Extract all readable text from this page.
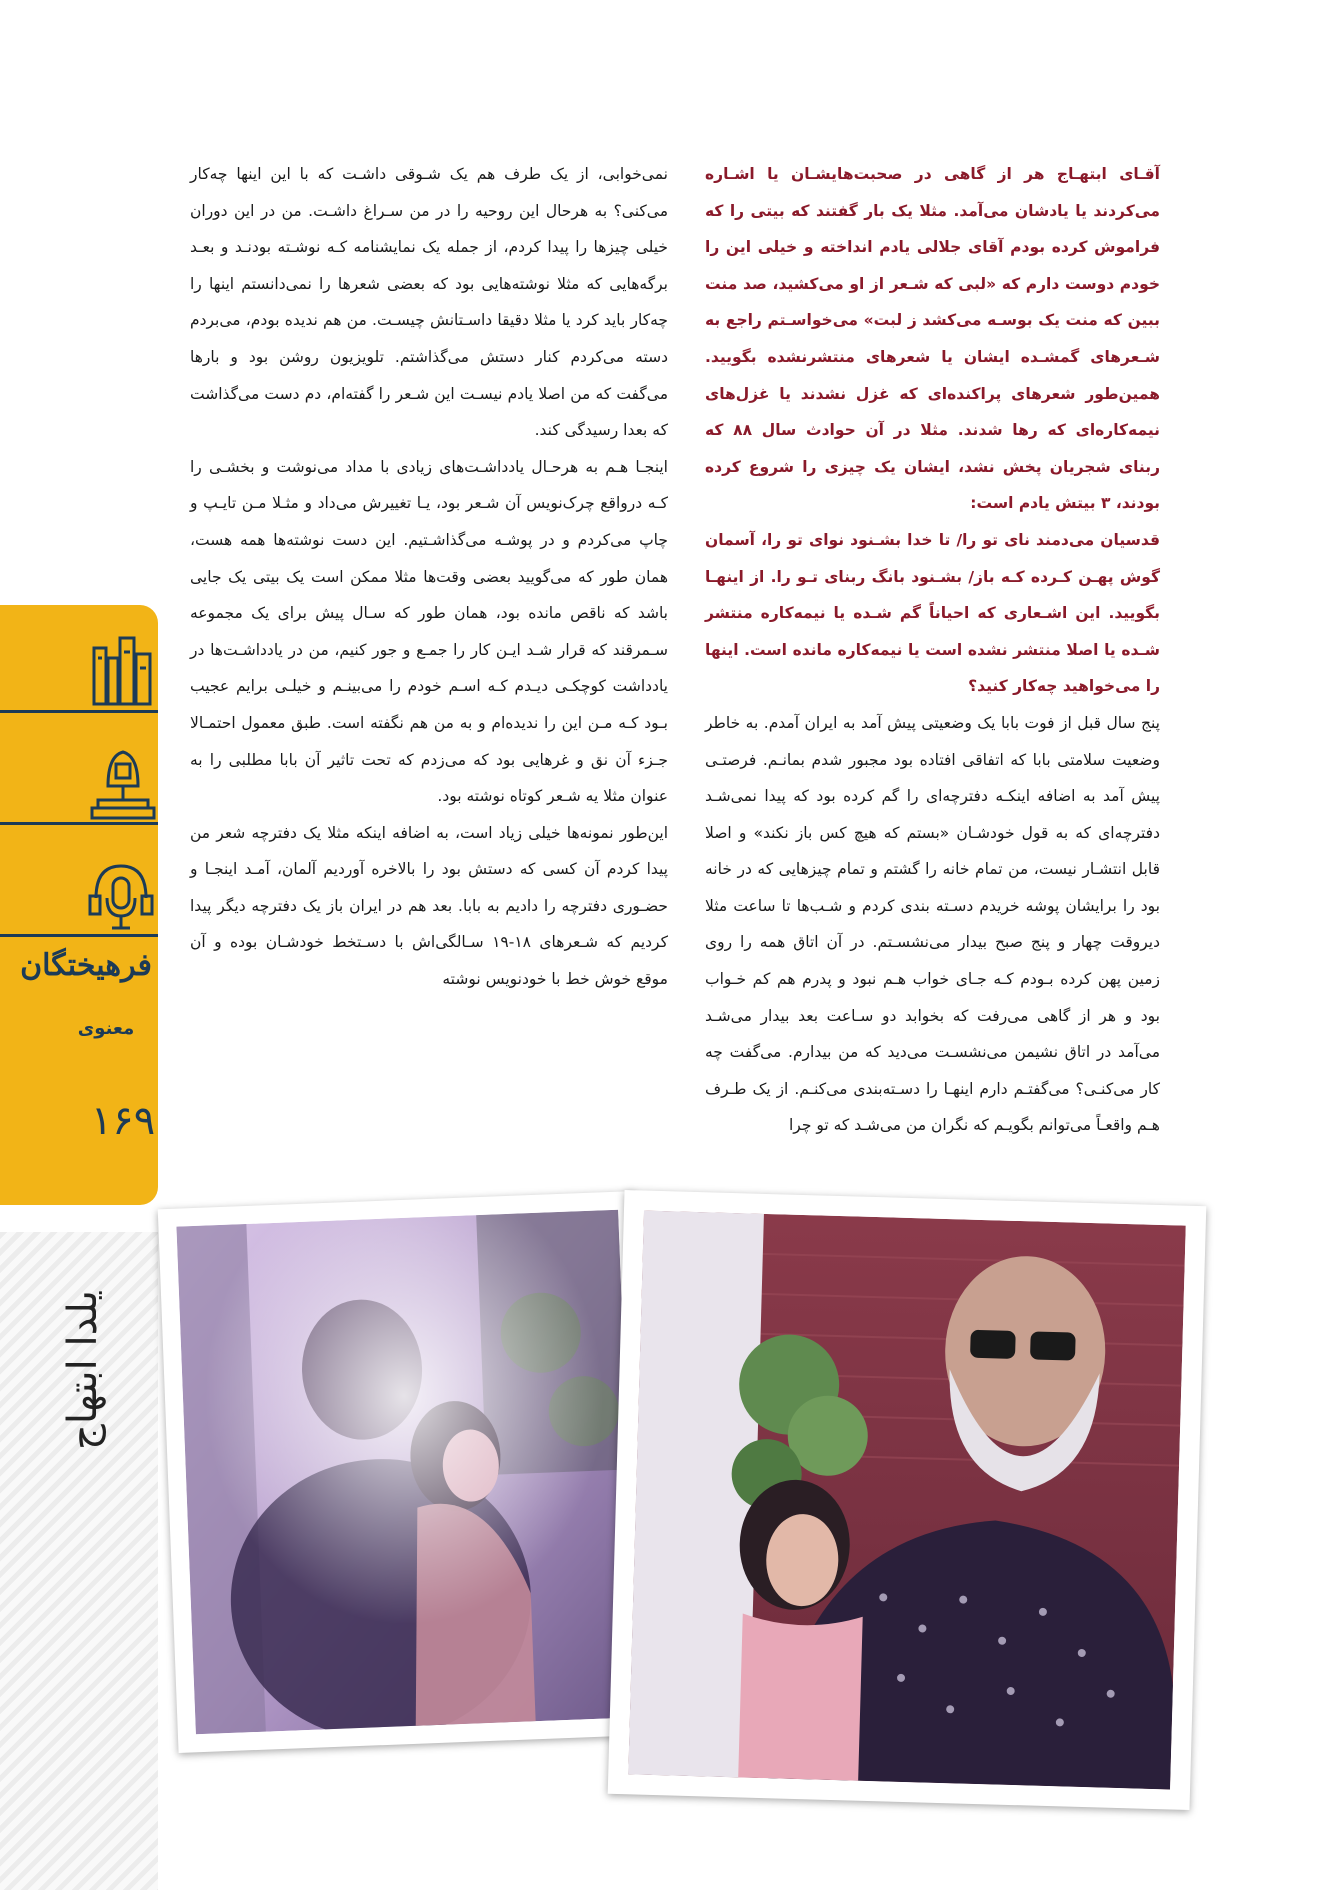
آقـای ابتهـاج هر از گاهی در صحبت‌هایشـان یا اشـاره می‌کردند یا یادشان می‌آمد. مثلا یک بار گفتند که بیتی را که فراموش کرده بودم آقای جلالی یادم انداخته و خیلی این را خودم دوست دارم که «لبی که شـعر از او می‌کشید، صد منت ببین که منت یک بوسـه می‌کشد ز لبت» می‌خواسـتم راجع به شـعرهای گمشـده ایشان یا شعرهای منتشرنشده بگویید. همین‌طور شعرهای پراکنده‌ای که غزل نشدند یا غزل‌های نیمه‌کاره‌ای که رها شدند. مثلا در آن حوادث سال ۸۸ که ربنای شجریان پخش نشد، ایشان یک چیزی را شروع کرده بودند، ۳ بیتش یادم است:

قدسیان می‌دمند نای تو را/ تا خدا بشـنود نوای تو را، آسمان گوش پهـن کـرده کـه باز/ بشـنود بانگ ربنای تـو را. از اینهـا بگویید. این اشـعاری که احیاناً گم شـده یا نیمه‌کاره منتشر شـده یا اصلا منتشر نشده است یا نیمه‌کاره مانده است. اینها را می‌خواهید چه‌کار کنید؟

پنج سال قبل از فوت بابا یک وضعیتی پیش آمد به ایران آمدم. به خاطر وضعیت سلامتی بابا که اتفاقی افتاده بود مجبور شدم بمانـم. فرصتـی پیش آمد به اضافه اینکـه دفترچه‌ای را گم کرده بود که پیدا نمی‌شـد دفترچه‌ای که به قول خودشـان «بستم که هیچ کس باز نکند» و اصلا قابل انتشـار نیست، من تمام خانه را گشتم و تمام چیزهایی که در خانه بود را برایشان پوشه خریدم دسـته بندی کردم و شـب‌ها تا ساعت مثلا دیروقت چهار و پنج صبح بیدار می‌نشسـتم. در آن اتاق همه را روی زمین پهن کرده بـودم کـه جـای خواب هـم نبود و پدرم هم کم خـواب بود و هر از گاهی می‌رفت که بخوابد دو سـاعت بعد بیدار می‌شـد می‌آمد در اتاق نشیمن می‌نشسـت می‌دید که من بیدارم. می‌گفت چه کار می‌کنـی؟ می‌گفتـم دارم اینهـا را دسـته‌بندی می‌کنـم. از یک طـرف هـم واقعـاً می‌توانم بگویـم که نگران من می‌شـد که تو چرا

نمی‌خوابی، از یک طرف هم یک شـوقی داشـت که با این اینها چه‌کار می‌کنی؟ به هرحال این روحیه را در من سـراغ داشـت. من در این دوران خیلی چیزها را پیدا کردم، از جمله یک نمایشنامه کـه نوشـته بودنـد و بعـد برگه‌هایی که مثلا نوشته‌هایی بود که بعضی شعرها را نمی‌دانستم اینها را چه‌کار باید کرد یا مثلا دقیقا داسـتانش چیسـت. من هم ندیده بودم، می‌بردم دسته می‌کردم کنار دستش می‌گذاشتم. تلویزیون روشن بود و بارها می‌گفت که من اصلا یادم نیسـت این شـعر را گفته‌ام، دم دست می‌گذاشت که بعدا رسیدگی کند.

اینجـا هـم به هرحـال یادداشـت‌های زیادی با مداد می‌نوشت و بخشـی را کـه درواقع چرک‌نویس آن شـعر بود، یـا تغییرش می‌داد و مثـلا مـن تایـپ و چاپ می‌کردم و در پوشـه می‌گذاشـتیم. این دست نوشته‌ها همه هست، همان طور که می‌گویید بعضی وقت‌ها مثلا ممکن است یک بیتی یک جایی باشد که ناقص مانده بود، همان طور که سـال پیش برای یک مجموعه سـمرقند که قرار شـد ایـن کار را جمـع و جور کنیم، من در یادداشـت‌ها در یادداشت کوچکـی دیـدم کـه اسـم خودم را می‌بینـم و خیلـی برایم عجیب بـود کـه مـن این را ندیده‌ام و به من هم نگفته است. طبق معمول احتمـالا جـزء آن نق و غرهایی بود که می‌زدم که تحت تاثیر آن بابا مطلبی را به عنوان مثلا یه شـعر کوتاه نوشته بود.

این‌طور نمونه‌ها خیلی زیاد است، به اضافه اینکه مثلا یک دفترچه شعر من پیدا کردم آن کسی که دستش بود را بالاخره آوردیم آلمان، آمـد اینجـا و حضـوری دفترچه را دادیم به بابا. بعد هم در ایران باز یک دفترچه دیگر پیدا کردیم که شـعرهای ۱۸-۱۹ سـالگی‌اش با دسـتخط خودشـان بوده و آن موقع خوش خط با خودنویس نوشته

فرهیختگان
معنوی
۱۶۹
یلدا ابتهاج
